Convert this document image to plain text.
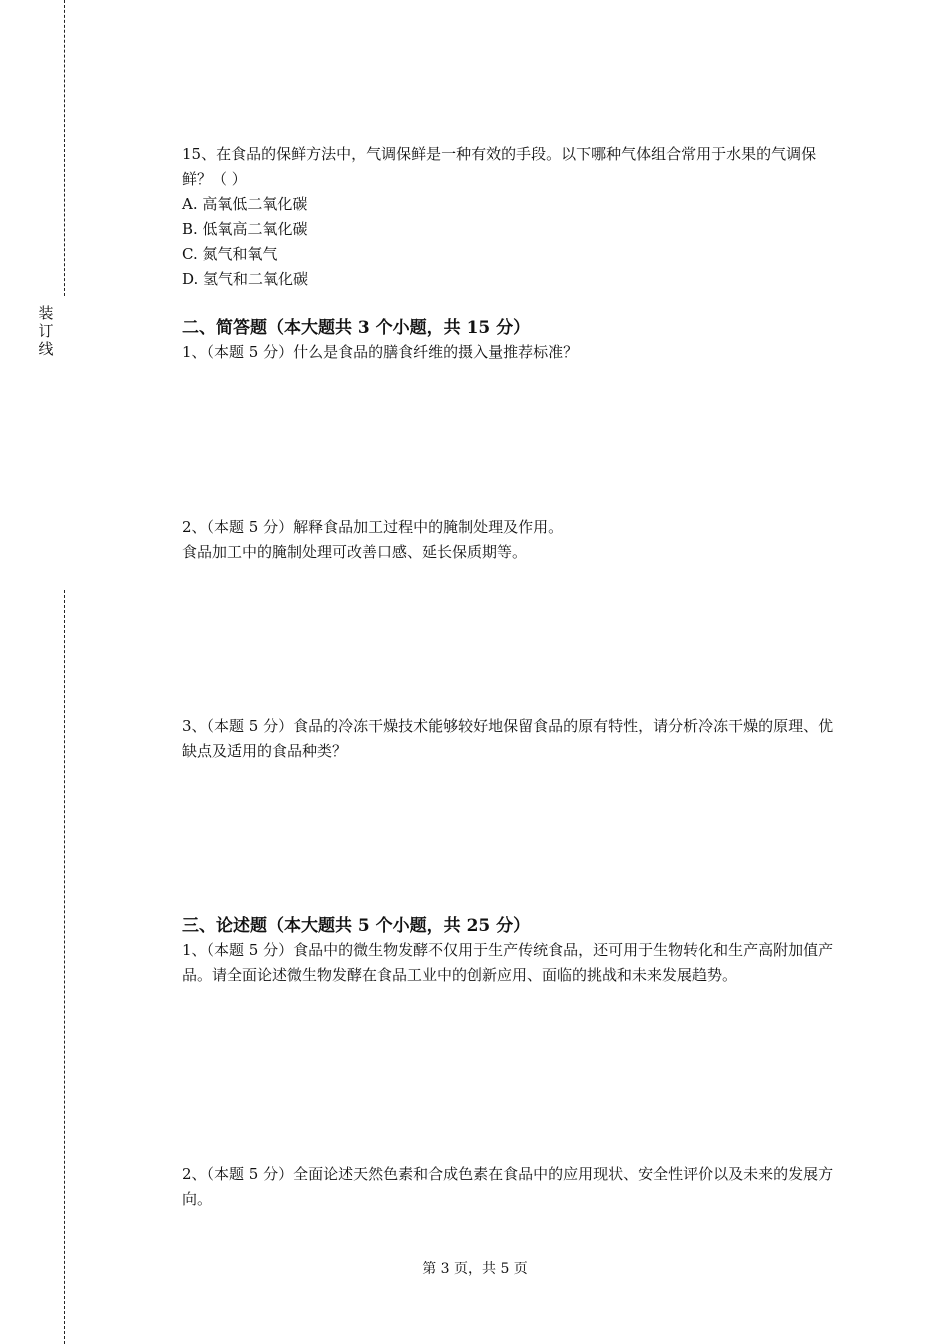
装
订
线

15、在食品的保鲜方法中，气调保鲜是一种有效的手段。以下哪种气体组合常用于水果的气调保鲜？（ ）

A. 高氧低二氧化碳

B. 低氧高二氧化碳

C. 氮气和氧气

D. 氢气和二氧化碳

二、简答题（本大题共 3 个小题，共 15 分）

1、（本题 5 分）什么是食品的膳食纤维的摄入量推荐标准？

2、（本题 5 分）解释食品加工过程中的腌制处理及作用。

食品加工中的腌制处理可改善口感、延长保质期等。

3、（本题 5 分）食品的冷冻干燥技术能够较好地保留食品的原有特性，请分析冷冻干燥的原理、优缺点及适用的食品种类？

三、论述题（本大题共 5 个小题，共 25 分）

1、（本题 5 分）食品中的微生物发酵不仅用于生产传统食品，还可用于生物转化和生产高附加值产品。请全面论述微生物发酵在食品工业中的创新应用、面临的挑战和未来发展趋势。

2、（本题 5 分）全面论述天然色素和合成色素在食品中的应用现状、安全性评价以及未来的发展方向。

第 3 页，共 5 页
